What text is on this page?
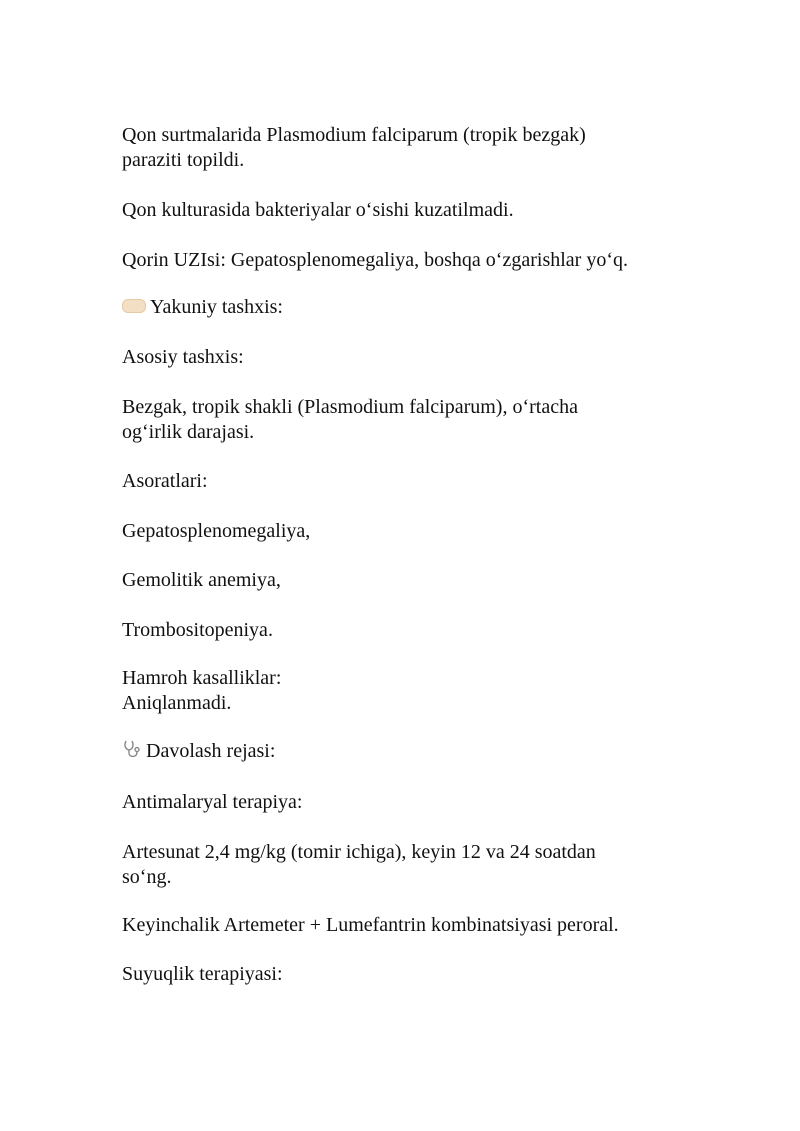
Qon surtmalarida Plasmodium falciparum (tropik bezgak)
paraziti topildi.
Qon kulturasida bakteriyalar o‘sishi kuzatilmadi.
Qorin UZIsi: Gepatosplenomegaliya, boshqa o‘zgarishlar yo‘q.
Yakuniy tashxis:
Asosiy tashxis:
Bezgak, tropik shakli (Plasmodium falciparum), o‘rtacha
og‘irlik darajasi.
Asoratlari:
Gepatosplenomegaliya,
Gemolitik anemiya,
Trombositopeniya.
Hamroh kasalliklar:
Aniqlanmadi.
Davolash rejasi:
Antimalaryal terapiya:
Artesunat 2,4 mg/kg (tomir ichiga), keyin 12 va 24 soatdan
so‘ng.
Keyinchalik Artemeter + Lumefantrin kombinatsiyasi peroral.
Suyuqlik terapiyasi:
